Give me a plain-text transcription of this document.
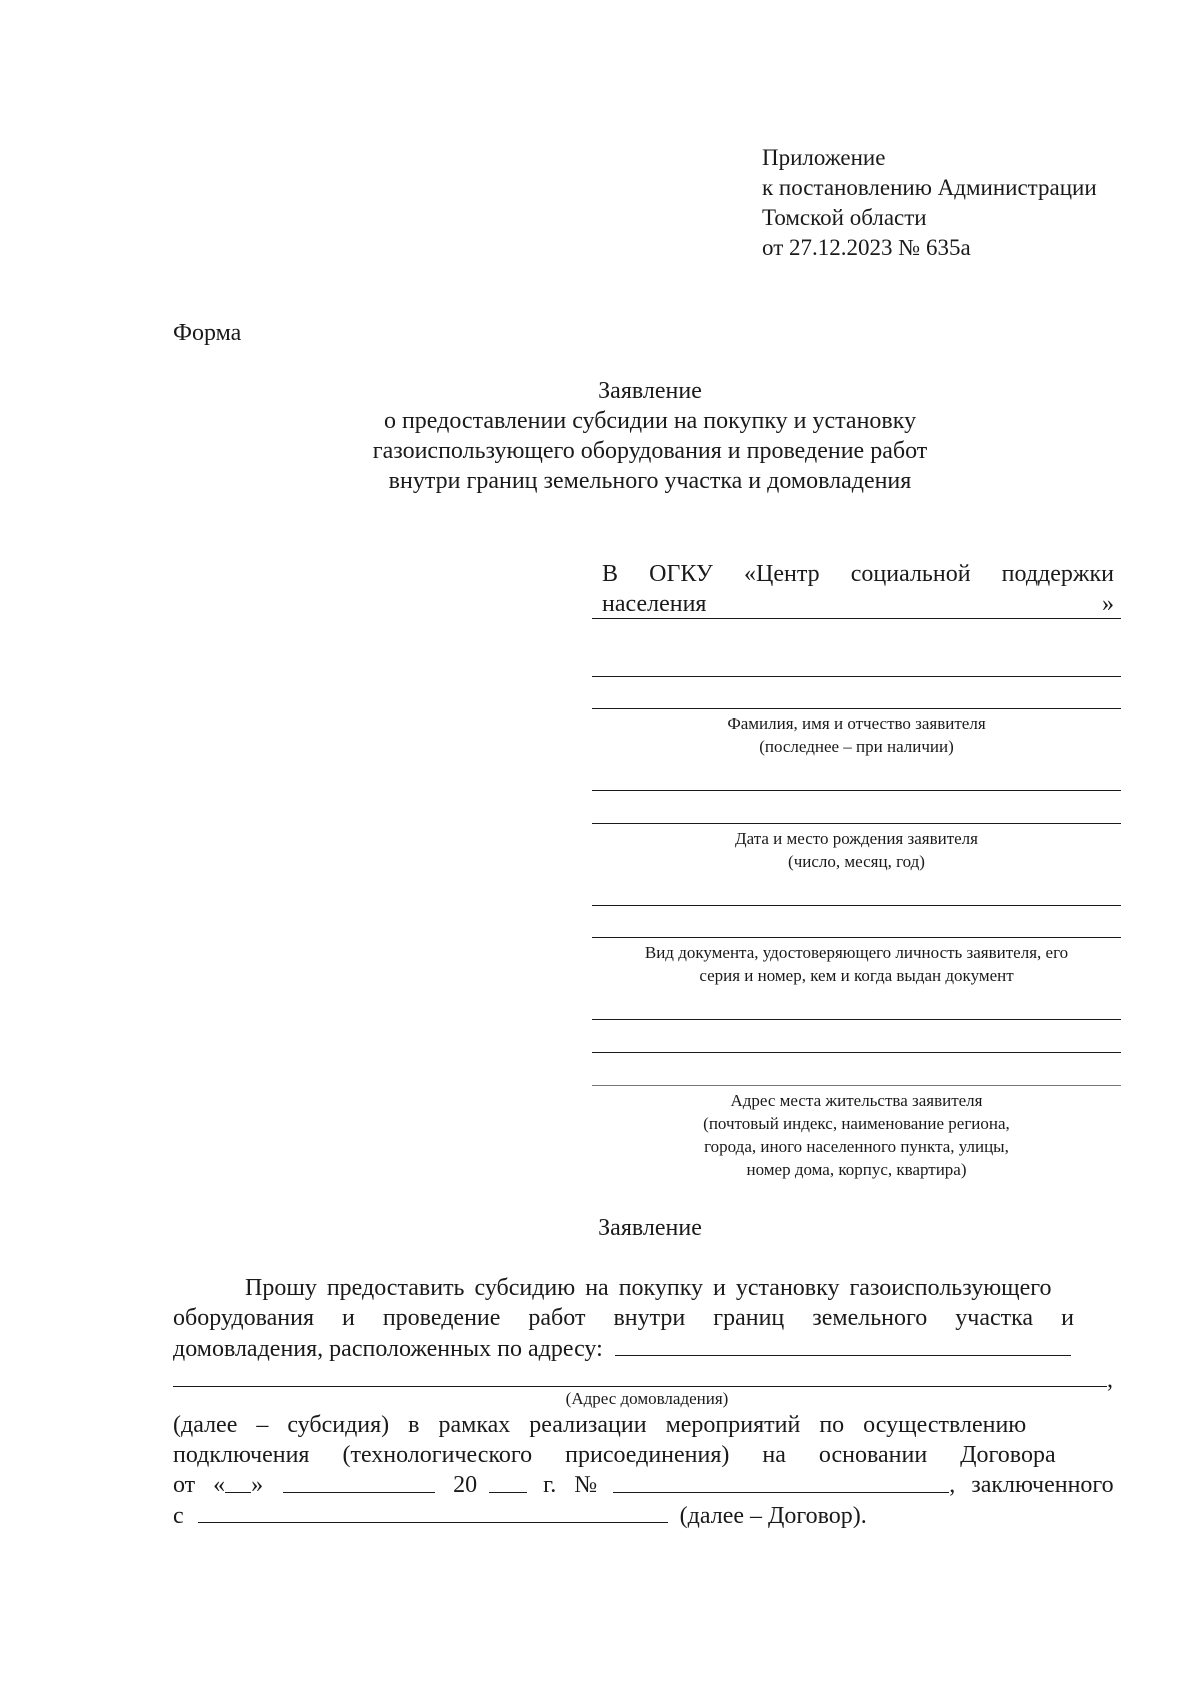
Приложение
к постановлению Администрации
Томской области
от 27.12.2023 № 635а
Форма
Заявление
о предоставлении субсидии на покупку и установку
газоиспользующего оборудования и проведение работ
внутри границ земельного участка и домовладения
В ОГКУ «Центр социальной поддержки
населения	»
Фамилия, имя и отчество заявителя
(последнее – при наличии)
Дата и место рождения заявителя
(число, месяц, год)
Вид документа, удостоверяющего личность заявителя, его
серия и номер, кем и когда выдан документ
Адрес места жительства заявителя
(почтовый индекс, наименование региона,
города, иного населенного пункта, улицы,
номер дома, корпус, квартира)
Заявление
Прошу предоставить субсидию на покупку и установку газоиспользующего
оборудования и проведение работ внутри границ земельного участка и
домовладения, расположенных по адресу:
,
(Адрес домовладения)
(далее – субсидия) в рамках реализации мероприятий по осуществлению
подключения (технологического присоединения) на основании Договора
от « »	20	г. №	, заключенного
с	(далее – Договор).
